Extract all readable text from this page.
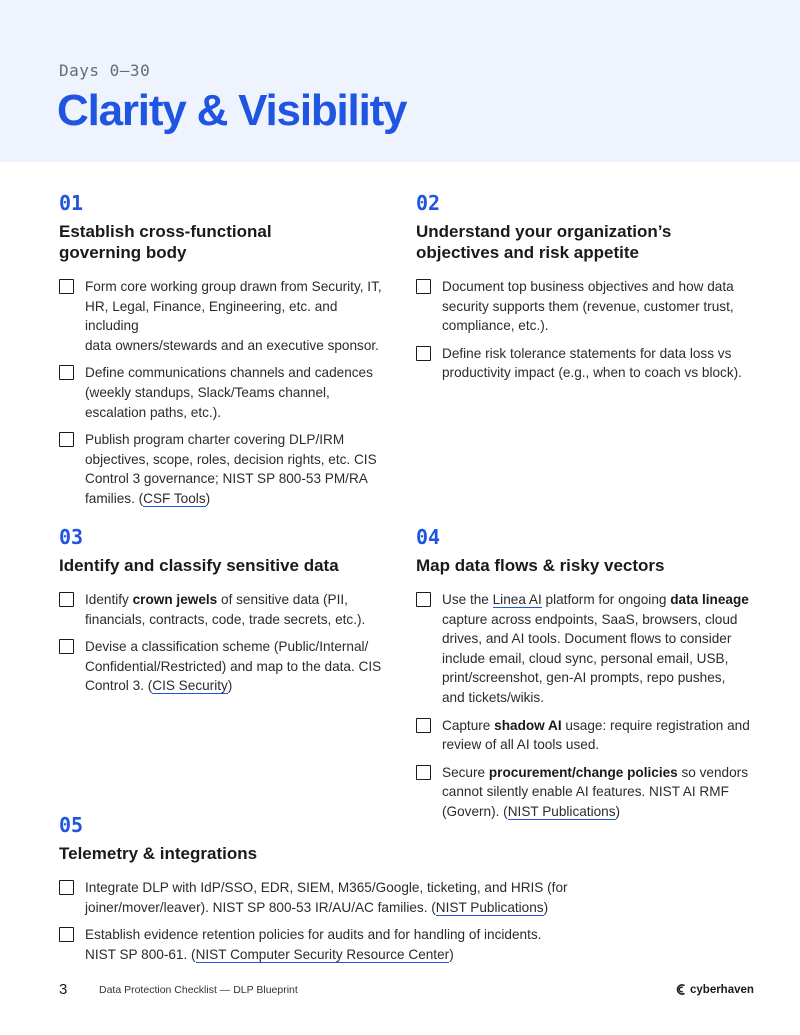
Days 0–30
Clarity & Visibility
01
Establish cross-functional
governing body
Form core working group drawn from Security, IT,
HR, Legal, Finance, Engineering, etc. and including
data owners/stewards and an executive sponsor.
Define communications channels and cadences
(weekly standups, Slack/Teams channel,
escalation paths, etc.).
Publish program charter covering DLP/IRM
objectives, scope, roles, decision rights, etc. CIS
Control 3 governance; NIST SP 800-53 PM/RA
families. (CSF Tools)
02
Understand your organization’s
objectives and risk appetite
Document top business objectives and how data
security supports them (revenue, customer trust,
compliance, etc.).
Define risk tolerance statements for data loss vs
productivity impact (e.g., when to coach vs block).
03
Identify and classify sensitive data
Identify crown jewels of sensitive data (PII,
financials, contracts, code, trade secrets, etc.).
Devise a classification scheme (Public/Internal/
Confidential/Restricted) and map to the data. CIS
Control 3. (CIS Security)
04
Map data flows & risky vectors
Use the Linea AI platform for ongoing data lineage
capture across endpoints, SaaS, browsers, cloud
drives, and AI tools. Document flows to consider
include email, cloud sync, personal email, USB,
print/screenshot, gen-AI prompts, repo pushes,
and tickets/wikis.
Capture shadow AI usage: require registration and
review of all AI tools used.
Secure procurement/change policies so vendors
cannot silently enable AI features. NIST AI RMF
(Govern). (NIST Publications)
05
Telemetry & integrations
Integrate DLP with IdP/SSO, EDR, SIEM, M365/Google, ticketing, and HRIS (for
joiner/mover/leaver). NIST SP 800-53 IR/AU/AC families. (NIST Publications)
Establish evidence retention policies for audits and for handling of incidents.
NIST SP 800-61. (NIST Computer Security Resource Center)
3	Data Protection Checklist — DLP Blueprint	cyberhaven
